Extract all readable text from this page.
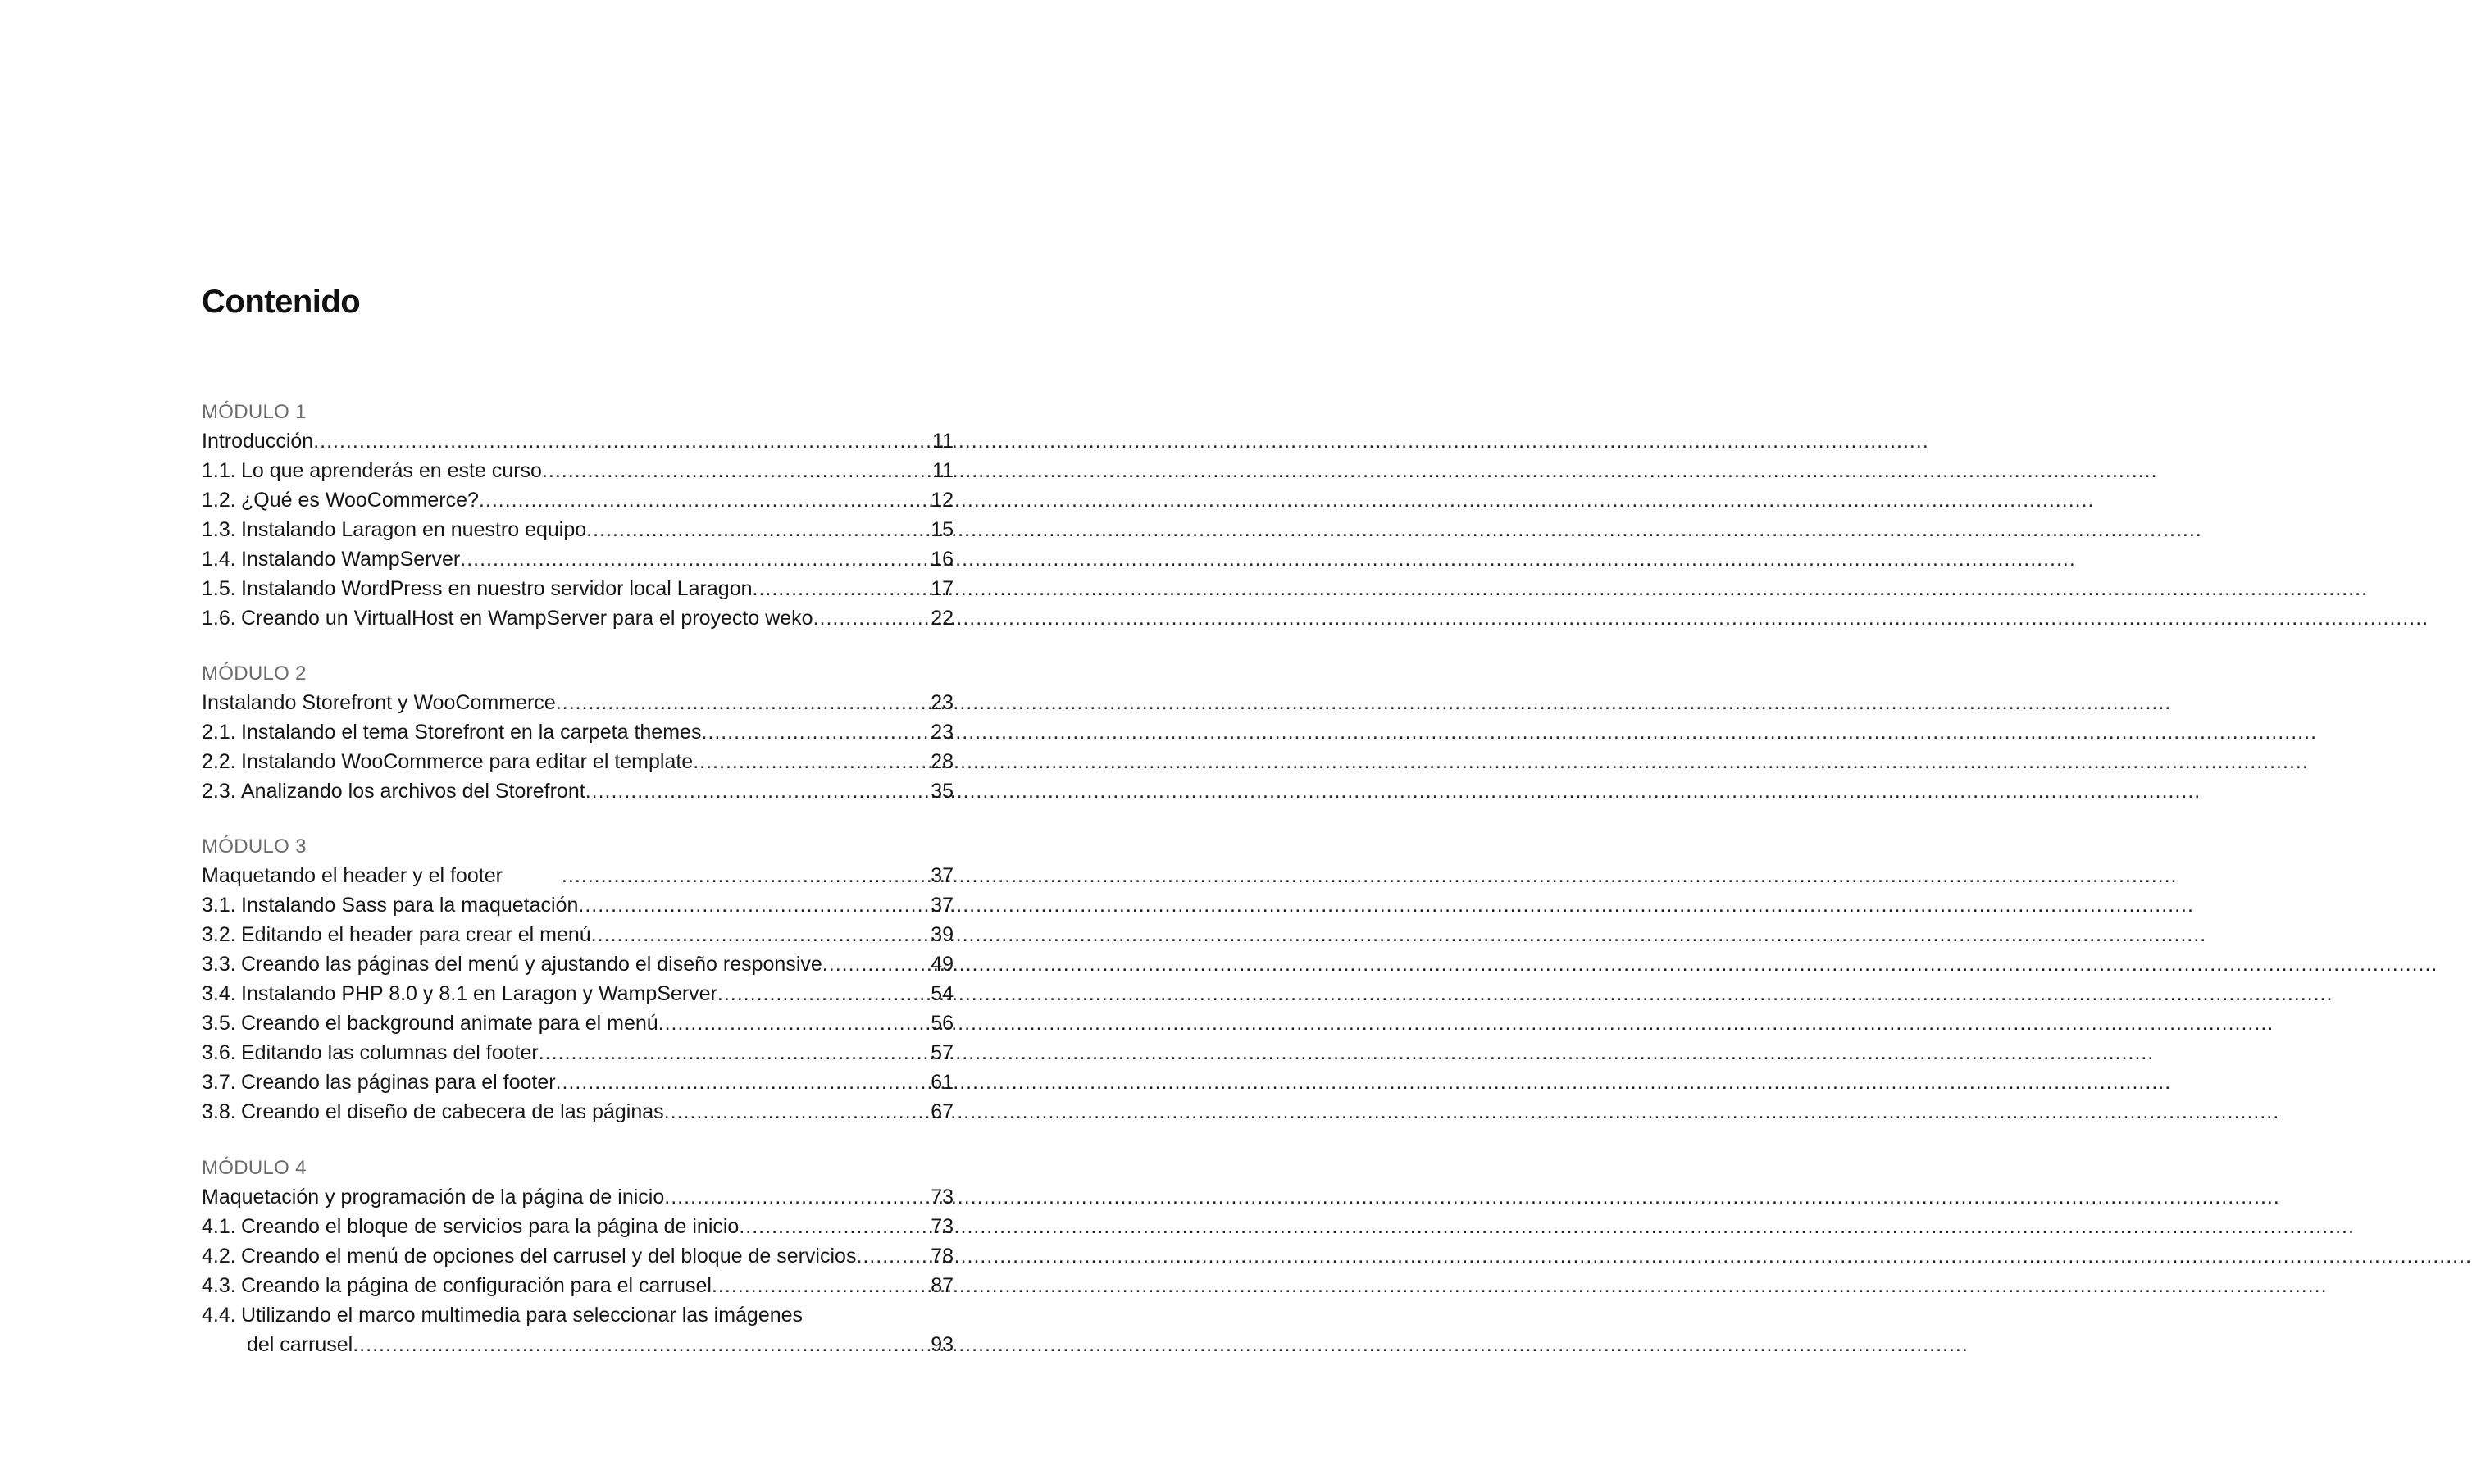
Contenido
MÓDULO 1
Introducción .....	11
1.1. Lo que aprenderás en este curso .....	11
1.2. ¿Qué es WooCommerce? .....	12
1.3. Instalando Laragon en nuestro equipo .....	15
1.4. Instalando WampServer .....	16
1.5. Instalando WordPress en nuestro servidor local Laragon .....	17
1.6. Creando un VirtualHost en WampServer para el proyecto weko .....	22
MÓDULO 2
Instalando Storefront y WooCommerce .....	23
2.1. Instalando el tema Storefront en la carpeta themes .....	23
2.2. Instalando WooCommerce para editar el template .....	28
2.3. Analizando los archivos del Storefront .....	35
MÓDULO 3
Maquetando el header y el footer .....	37
3.1. Instalando Sass para la maquetación .....	37
3.2. Editando el header para crear el menú .....	39
3.3. Creando las páginas del menú y ajustando el diseño responsive .....	49
3.4. Instalando PHP 8.0 y 8.1 en Laragon y WampServer .....	54
3.5. Creando el background animate para el menú .....	56
3.6. Editando las columnas del footer .....	57
3.7. Creando las páginas para el footer .....	61
3.8. Creando el diseño de cabecera de las páginas .....	67
MÓDULO 4
Maquetación y programación de la página de inicio .....	73
4.1. Creando el bloque de servicios para la página de inicio .....	73
4.2. Creando el menú de opciones del carrusel y del bloque de servicios .....	78
4.3. Creando la página de configuración para el carrusel .....	87
4.4. Utilizando el marco multimedia para seleccionar las imágenes
del carrusel .....	93
